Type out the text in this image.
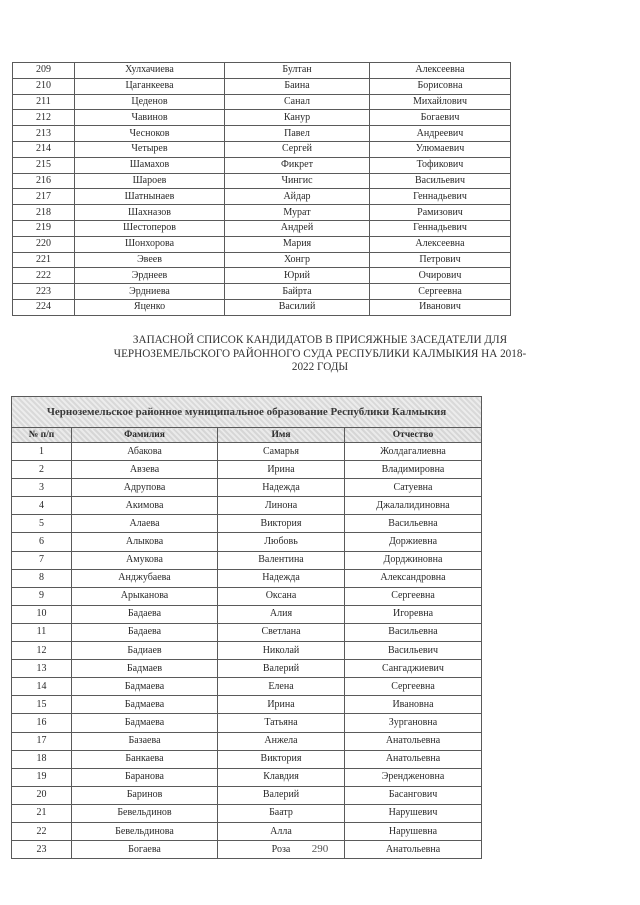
209	Хулхачиева	Бултан	Алексеевна
210	Цаганкеева	Баина	Борисовна
211	Цеденов	Санал	Михайлович
212	Чавинов	Кануp	Богаевич
213	Чесноков	Павел	Андреевич
214	Четырев	Сергей	Улюмаевич
215	Шамахов	Фикрет	Тофикович
216	Шароев	Чингис	Васильевич
217	Шатнынаев	Айдар	Геннадьевич
218	Шахназов	Мурат	Рамизович
219	Шестоперов	Андрей	Геннадьевич
220	Шонхорова	Мария	Алексеевна
221	Эвеев	Хонгр	Петрович
222	Эрднеев	Юрий	Очирович
223	Эрдниева	Байрта	Сергеевна
224	Яценко	Василий	Иванович
ЗАПАСНОЙ СПИСОК КАНДИДАТОВ В ПРИСЯЖНЫЕ ЗАСЕДАТЕЛИ ДЛЯ
ЧЕРНОЗЕМЕЛЬСКОГО РАЙОННОГО СУДА РЕСПУБЛИКИ КАЛМЫКИЯ НА 2018-
2022 ГОДЫ
Черноземельское районное муниципальное образование Республики Калмыкия			
№ п/п	Фамилия	Имя	Отчество
1	Абакова	Самарья	Жолдагалиевна
2	Авзева	Ирина	Владимировна
3	Адрупова	Надежда	Сатуевна
4	Акимова	Линона	Джалалидиновна
5	Алаева	Виктория	Васильевна
6	Алыкова	Любовь	Доржиевна
7	Амукова	Валентина	Дорджиновна
8	Анджубаева	Надежда	Александровна
9	Арыканова	Оксана	Сергеевна
10	Бадаева	Алия	Игоревна
11	Бадаева	Светлана	Васильевна
12	Бадиаев	Николай	Васильевич
13	Бадмаев	Валерий	Сангаджиевич
14	Бадмаева	Елена	Сергеевна
15	Бадмаева	Ирина	Ивановна
16	Бадмаева	Татьяна	Зургановна
17	Базаева	Анжела	Анатольевна
18	Банкаева	Виктория	Анатольевна
19	Баранова	Клавдия	Эрендженовна
20	Баринов	Валерий	Басангович
21	Бевельдинов	Баатр	Нарушевич
22	Бевельдинова	Алла	Нарушевна
23	Богаева	Роза	Анатольевна
290
